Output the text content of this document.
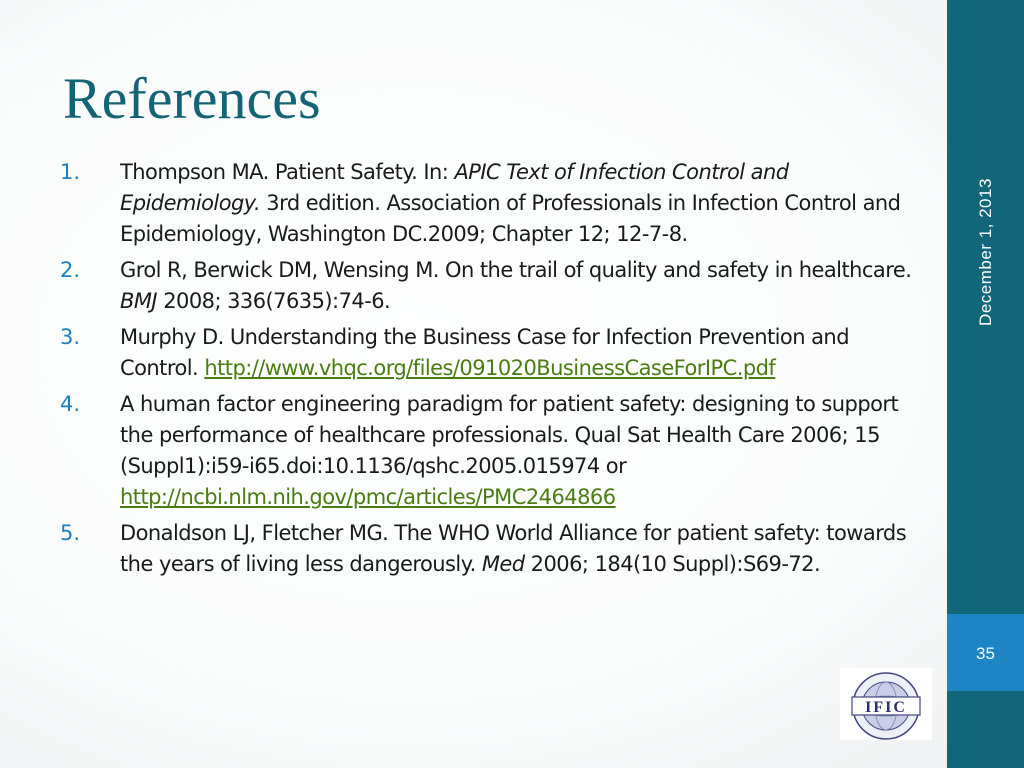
References
1.	Thompson MA. Patient Safety. In: APIC Text of Infection Control and Epidemiology. 3rd edition. Association of Professionals in Infection Control and Epidemiology, Washington DC.2009; Chapter 12; 12-7-8.
2.	Grol R, Berwick DM, Wensing M. On the trail of quality and safety in healthcare. BMJ 2008; 336(7635):74-6.
3.	Murphy D. Understanding the Business Case for Infection Prevention and Control. http://www.vhqc.org/files/091020BusinessCaseForIPC.pdf
4.	A human factor engineering paradigm for patient safety: designing to support the performance of healthcare professionals. Qual Sat Health Care 2006; 15 (Suppl1):i59-i65.doi:10.1136/qshc.2005.015974 or http://ncbi.nlm.nih.gov/pmc/articles/PMC2464866
5.	Donaldson LJ, Fletcher MG. The WHO World Alliance for patient safety: towards the years of living less dangerously. Med 2006; 184(10 Suppl):S69-72.
December 1, 2013
35
IFIC
